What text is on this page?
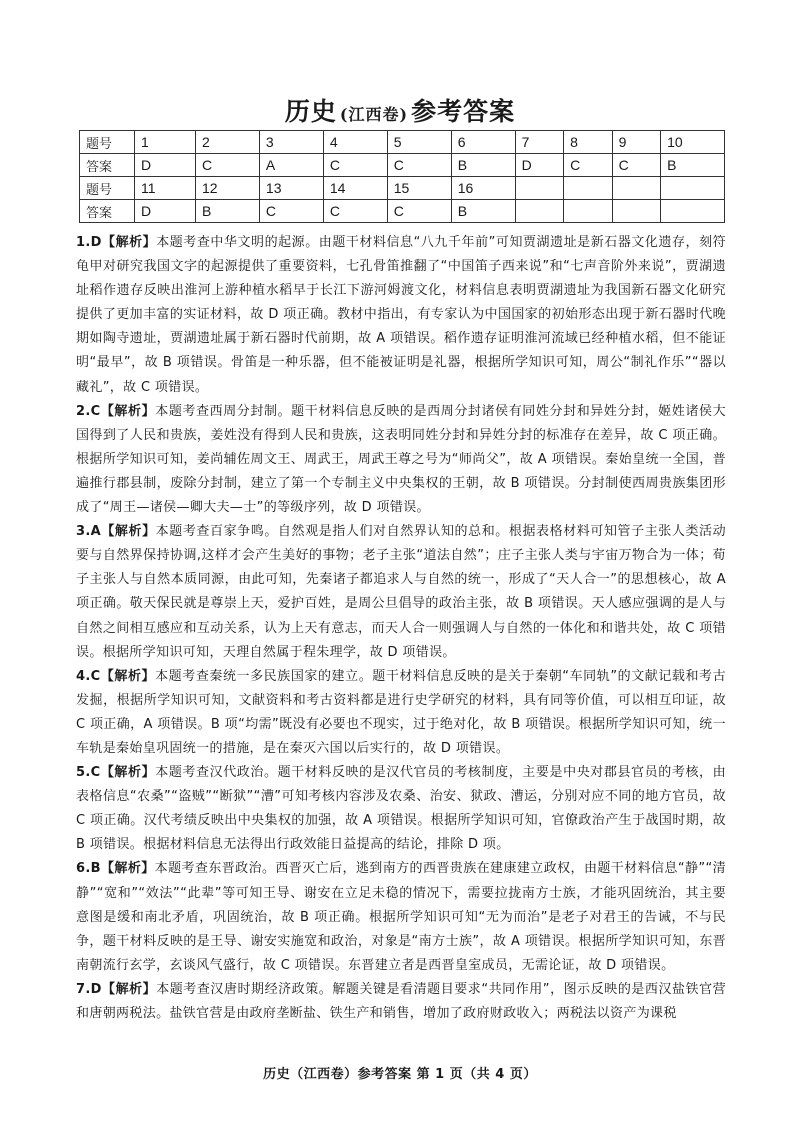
历史 (江西卷) 参考答案
题号	1	2	3	4	5	6	7	8	9	10
答案	D	C	A	C	C	B	D	C	C	B
题号	11	12	13	14	15	16				
答案	D	B	C	C	C	B				

1.D【解析】本题考查中华文明的起源。由题干材料信息“八九千年前”可知贾湖遗址是新石器文化遗存，刻符龟甲对研究我国文字的起源提供了重要资料，七孔骨笛推翻了“中国笛子西来说”和“七声音阶外来说”，贾湖遗址稻作遗存反映出淮河上游种植水稻早于长江下游河姆渡文化，材料信息表明贾湖遗址为我国新石器文化研究提供了更加丰富的实证材料，故 D 项正确。教材中指出，有专家认为中国国家的初始形态出现于新石器时代晚期如陶寺遗址，贾湖遗址属于新石器时代前期，故 A 项错误。稻作遗存证明淮河流域已经种植水稻，但不能证明“最早”，故 B 项错误。骨笛是一种乐器，但不能被证明是礼器，根据所学知识可知，周公“制礼作乐”“器以藏礼”，故 C 项错误。

2.C【解析】本题考查西周分封制。题干材料信息反映的是西周分封诸侯有同姓分封和异姓分封，姬姓诸侯大国得到了人民和贵族，姜姓没有得到人民和贵族，这表明同姓分封和异姓分封的标准存在差异，故 C 项正确。根据所学知识可知，姜尚辅佐周文王、周武王，周武王尊之号为“师尚父”，故 A 项错误。秦始皇统一全国，普遍推行郡县制，废除分封制，建立了第一个专制主义中央集权的王朝，故 B 项错误。分封制使西周贵族集团形成了“周王—诸侯—卿大夫—士”的等级序列，故 D 项错误。

3.A【解析】本题考查百家争鸣。自然观是指人们对自然界认知的总和。根据表格材料可知管子主张人类活动要与自然界保持协调,这样才会产生美好的事物；老子主张“道法自然”；庄子主张人类与宇宙万物合为一体；荀子主张人与自然本质同源，由此可知，先秦诸子都追求人与自然的统一，形成了“天人合一”的思想核心，故 A 项正确。敬天保民就是尊崇上天，爱护百姓，是周公旦倡导的政治主张，故 B 项错误。天人感应强调的是人与自然之间相互感应和互动关系，认为上天有意志，而天人合一则强调人与自然的一体化和和谐共处，故 C 项错误。根据所学知识可知，天理自然属于程朱理学，故 D 项错误。

4.C【解析】本题考查秦统一多民族国家的建立。题干材料信息反映的是关于秦朝“车同轨”的文献记载和考古发掘，根据所学知识可知，文献资料和考古资料都是进行史学研究的材料，具有同等价值，可以相互印证，故 C 项正确，A 项错误。B 项“均需”既没有必要也不现实，过于绝对化，故 B 项错误。根据所学知识可知，统一车轨是秦始皇巩固统一的措施，是在秦灭六国以后实行的，故 D 项错误。

5.C【解析】本题考查汉代政治。题干材料反映的是汉代官员的考核制度，主要是中央对郡县官员的考核，由表格信息“农桑”“盗贼”“断狱”“漕”可知考核内容涉及农桑、治安、狱政、漕运，分别对应不同的地方官员，故 C 项正确。汉代考绩反映出中央集权的加强，故 A 项错误。根据所学知识可知，官僚政治产生于战国时期，故 B 项错误。根据材料信息无法得出行政效能日益提高的结论，排除 D 项。

6.B【解析】本题考查东晋政治。西晋灭亡后，逃到南方的西晋贵族在建康建立政权，由题干材料信息“静”“清静”“宽和”“效法”“此辈”等可知王导、谢安在立足未稳的情况下，需要拉拢南方士族，才能巩固统治，其主要意图是缓和南北矛盾，巩固统治，故 B 项正确。根据所学知识可知“无为而治”是老子对君王的告诫，不与民争，题干材料反映的是王导、谢安实施宽和政治，对象是“南方士族”，故 A 项错误。根据所学知识可知，东晋南朝流行玄学，玄谈风气盛行，故 C 项错误。东晋建立者是西晋皇室成员，无需论证，故 D 项错误。

7.D【解析】本题考查汉唐时期经济政策。解题关键是看清题目要求“共同作用”，图示反映的是西汉盐铁官营和唐朝两税法。盐铁官营是由政府垄断盐、铁生产和销售，增加了政府财政收入；两税法以资产为课税

历史（江西卷）参考答案 第 1 页（共 4 页）
